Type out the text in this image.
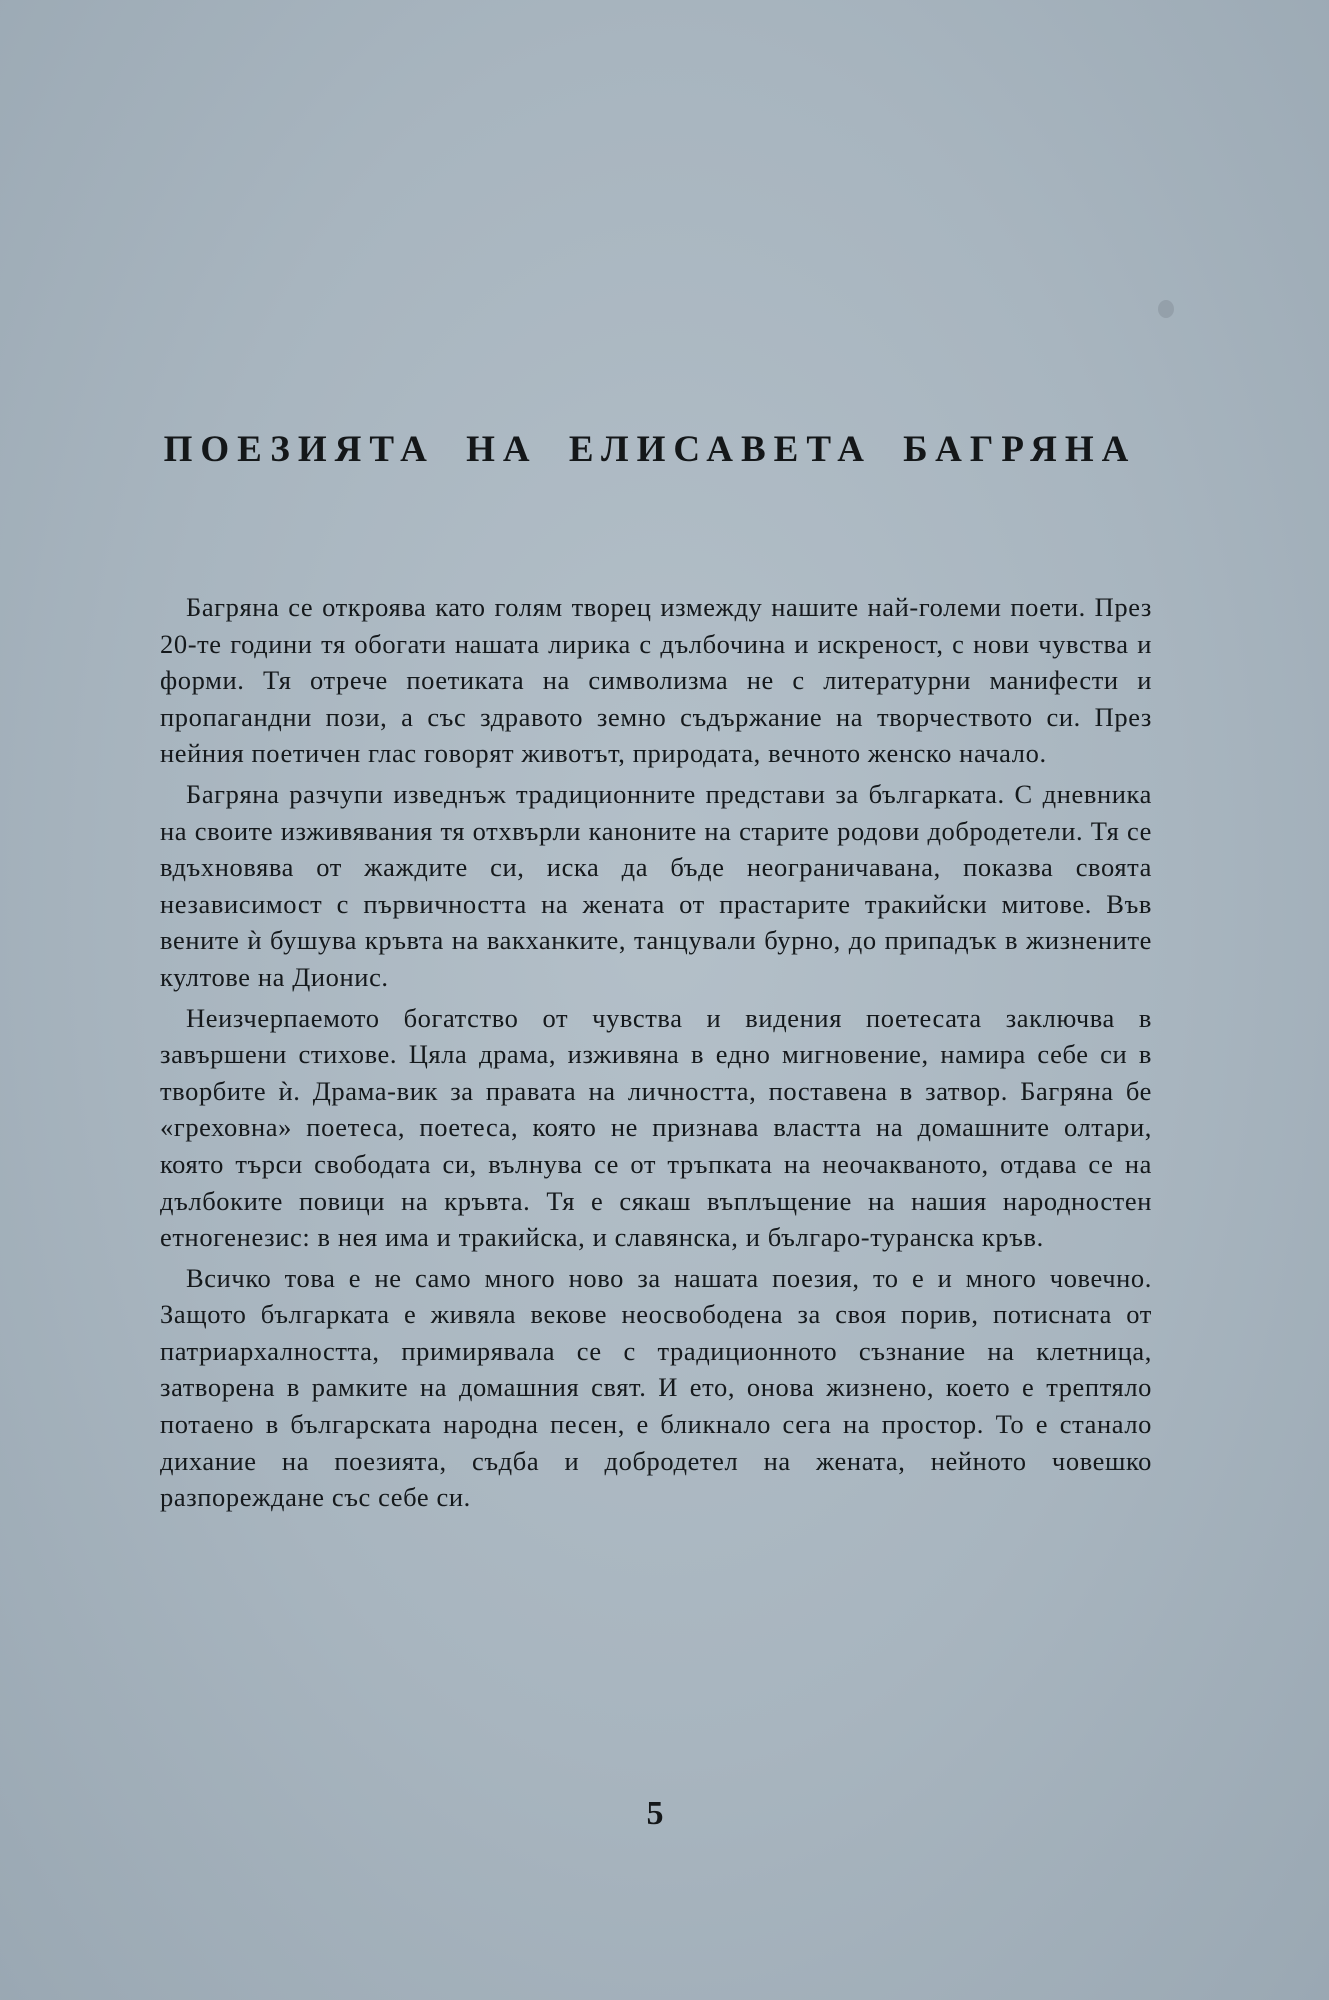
ПОЕЗИЯТА НА ЕЛИСАВЕТА БАГРЯНА

Багряна се откроява като голям творец измежду нашите най-големи поети. През 20-те години тя обогати нашата лирика с дълбочина и искреност, с нови чувства и форми. Тя отрече поетиката на символизма не с литературни манифести и пропагандни пози, а със здравото земно съдържание на творчеството си. През нейния поетичен глас говорят животът, природата, вечното женско начало.

Багряна разчупи изведнъж традиционните представи за българката. С дневника на своите изживявания тя отхвърли каноните на старите родови добродетели. Тя се вдъхновява от жаждите си, иска да бъде неограничавана, показва своята независимост с първичността на жената от прастарите тракийски митове. Във вените ѝ бушува кръвта на вакханките, танцували бурно, до припадък в жизнените култове на Дионис.

Неизчерпаемото богатство от чувства и видения поетесата заключва в завършени стихове. Цяла драма, изживяна в едно мигновение, намира себе си в творбите ѝ. Драма-вик за правата на личността, поставена в затвор. Багряна бе «греховна» поетеса, поетеса, която не признава властта на домашните олтари, която търси свободата си, вълнува се от тръпката на неочакваното, отдава се на дълбоките повици на кръвта. Тя е сякаш въплъщение на нашия народностен етногенезис: в нея има и тракийска, и славянска, и българо-туранска кръв.

Всичко това е не само много ново за нашата поезия, то е и много човечно. Защото българката е живяла векове неосвободена за своя порив, потисната от патриархалността, примирявала се с традиционното съзнание на клетница, затворена в рамките на домашния свят. И ето, онова жизнено, което е трептяло потаено в българската народна песен, е бликнало сега на простор. То е станало дихание на поезията, съдба и добродетел на жената, нейното човешко разпореждане със себе си.

5
